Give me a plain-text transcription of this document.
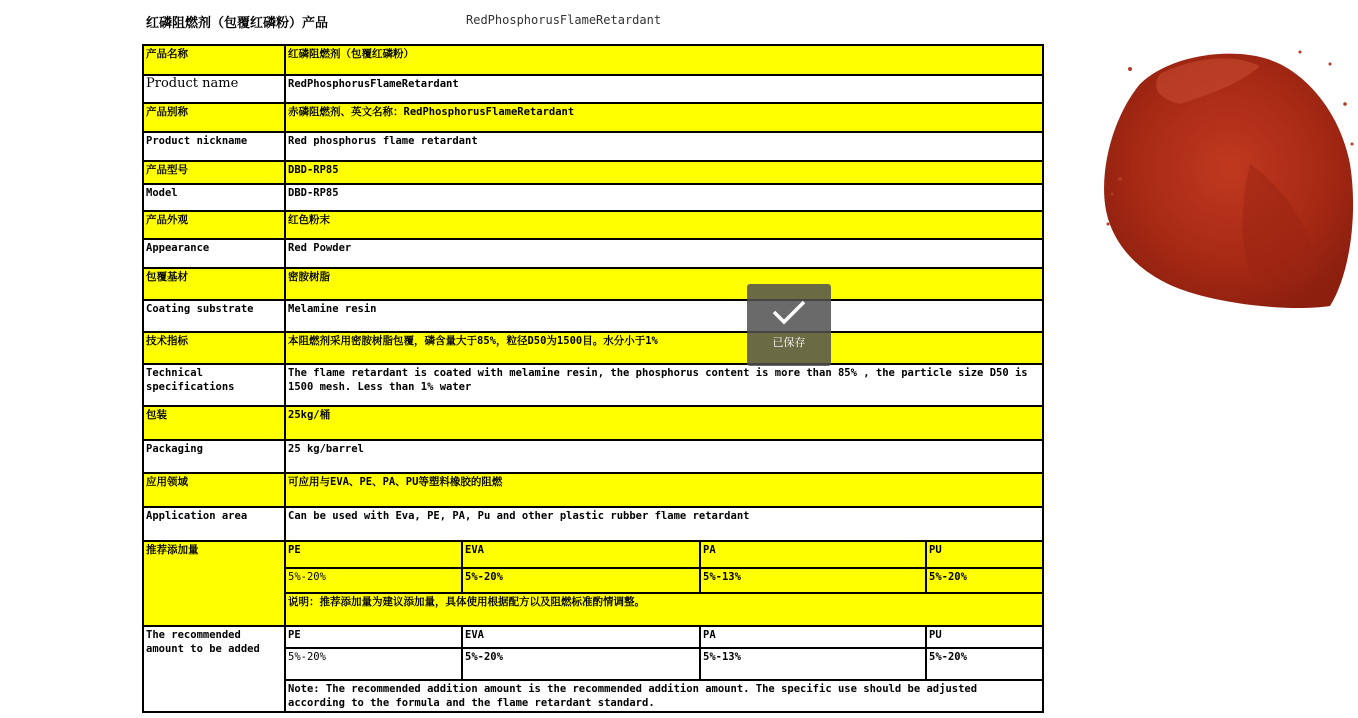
红磷阻燃剂（包覆红磷粉）产品	RedPhosphorusFlameRetardant
产品名称	红磷阻燃剂（包覆红磷粉）			
Product name	RedPhosphorusFlameRetardant			
产品别称	赤磷阻燃剂、英文名称：RedPhosphorusFlameRetardant			
Product nickname	Red phosphorus flame retardant			
产品型号	DBD-RP85			
Model	DBD-RP85			
产品外观	红色粉末			
Appearance	Red Powder			
包覆基材	密胺树脂			
Coating substrate	Melamine resin			
技术指标	本阻燃剂采用密胺树脂包覆，磷含量大于85%，粒径D50为1500目。水分小于1%			
Technical specifications	The flame retardant is coated with melamine resin, the phosphorus content is more than 85% , the particle size D50 is 1500 mesh. Less than 1% water			
包装	25kg/桶			
Packaging	25 kg/barrel			
应用领域	可应用与EVA、PE、PA、PU等塑料橡胶的阻燃			
Application area	Can be used with Eva, PE, PA, Pu and other plastic rubber flame retardant			
推荐添加量	PE	EVA	PA	PU
	5%-20%	5%-20%	5%-13%	5%-20%
	说明：推荐添加量为建议添加量，具体使用根据配方以及阻燃标准酌情调整。			
The recommended amount to be added	PE	EVA	PA	PU
	5%-20%	5%-20%	5%-13%	5%-20%
	Note: The recommended addition amount is the recommended addition amount. The specific use should be adjusted according to the formula and the flame retardant standard.			
已保存
